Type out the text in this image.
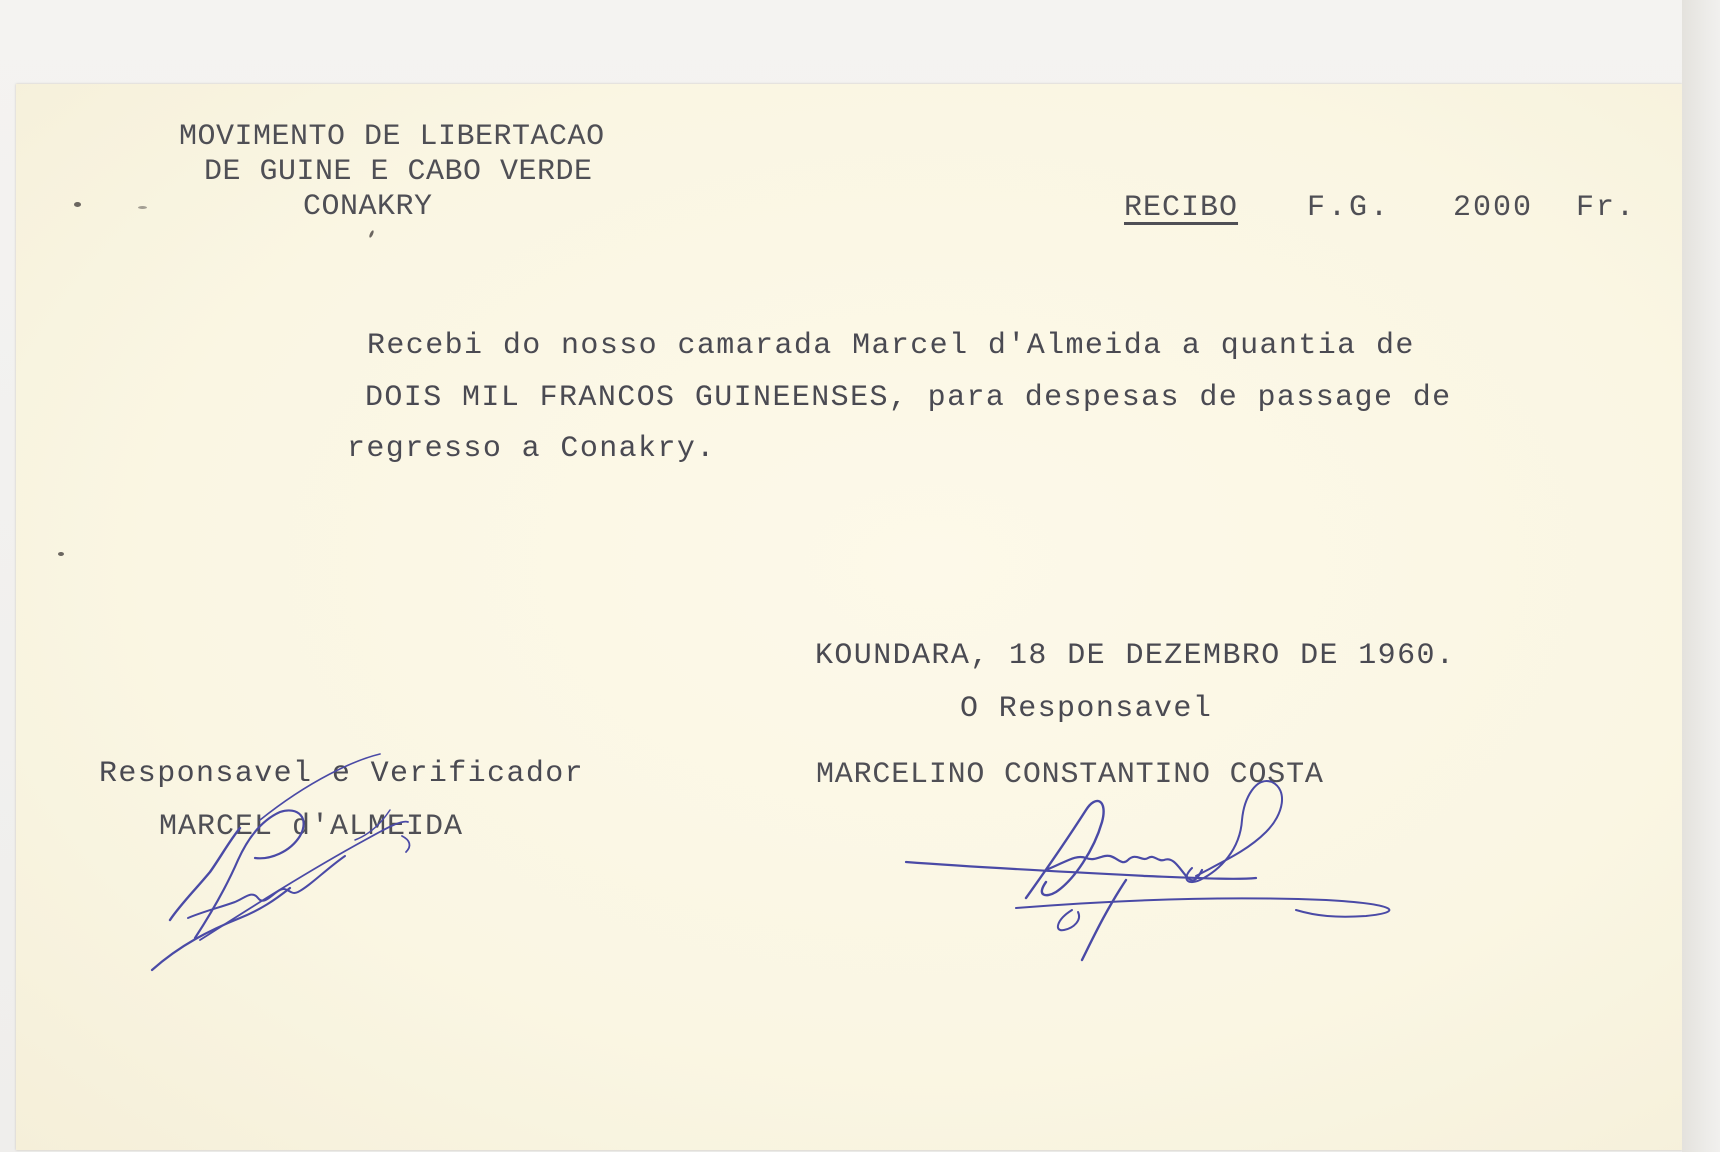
MOVIMENTO DE LIBERTACAO
DE GUINE E CABO VERDE
CONAKRY	RECIBO F.G. 2000 Fr.
Recebi do nosso camarada Marcel d'Almeida a quantia de
DOIS MIL FRANCOS GUINEENSES, para despesas de passage de
regresso a Conakry.
KOUNDARA, 18 DE DEZEMBRO DE 1960.
O Responsavel
Responsavel e Verificador
MARCEL d'ALMEIDA
MARCELINO CONSTANTINO COSTA
